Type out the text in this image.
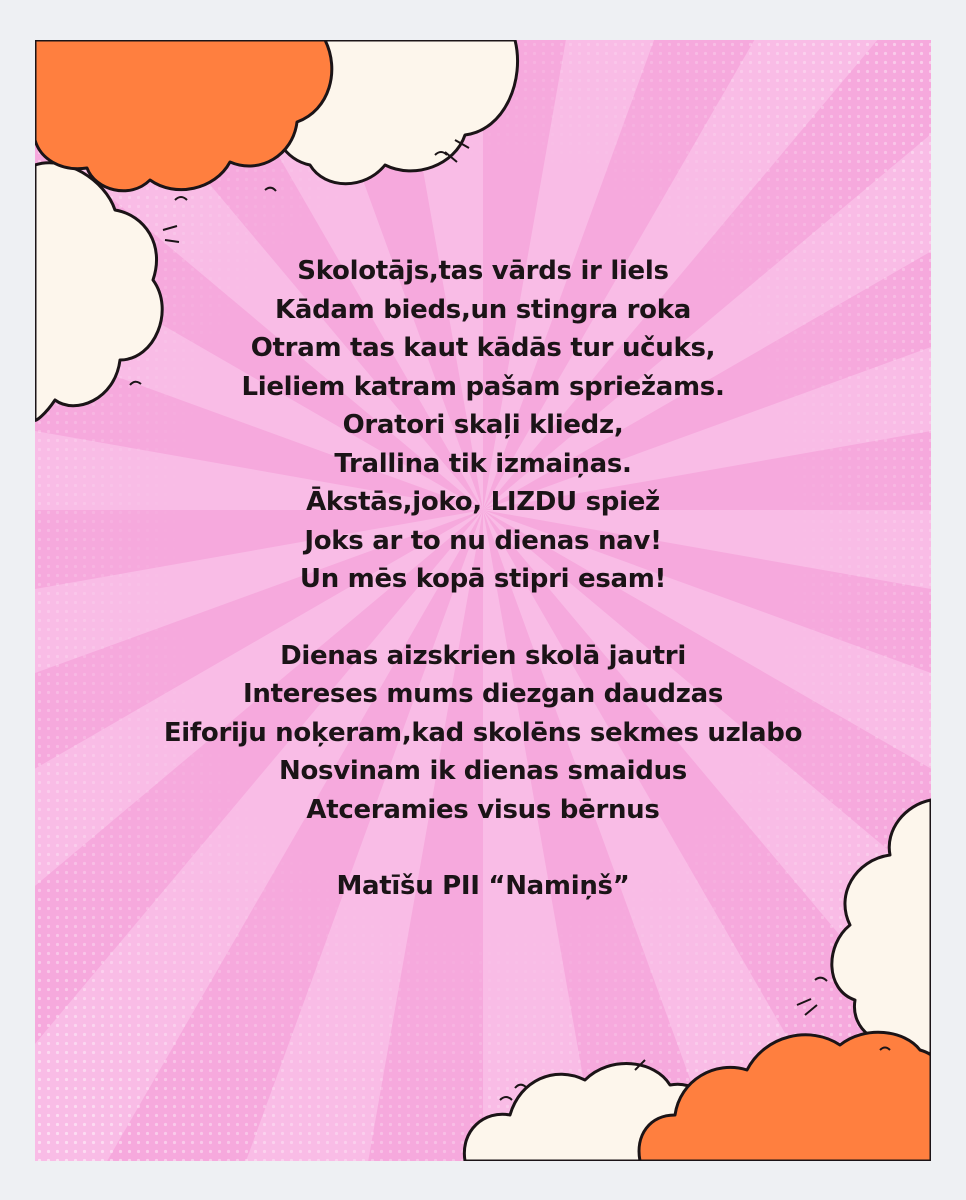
Skolotājs,tas vārds ir liels
Kādam bieds,un stingra roka
Otram tas kaut kādās tur učuks,
Lieliem katram pašam spriežams.
Oratori skaļi kliedz,
Trallina tik izmaiņas.
Ākstās,joko, LIZDU spiež
Joks ar to nu dienas nav!
Un mēs kopā stipri esam!
Dienas aizskrien skolā jautri
Intereses mums diezgan daudzas
Eiforiju noķeram,kad skolēns sekmes uzlabo
Nosvinam ik dienas smaidus
Atceramies visus bērnus
Matīšu PII “Namiņš”
